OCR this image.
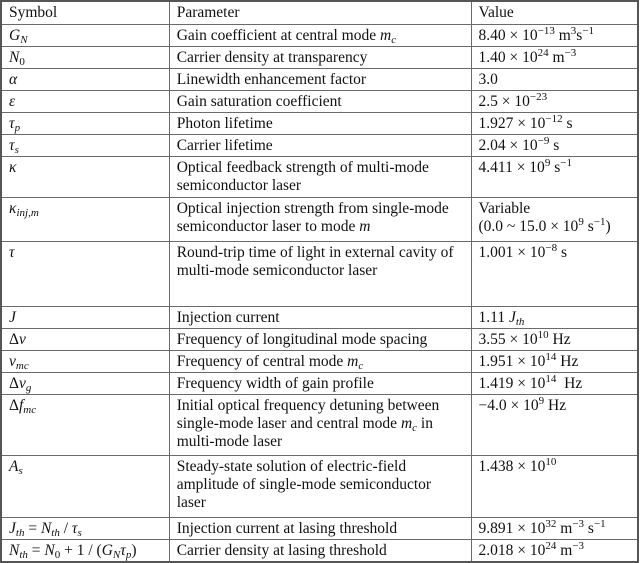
Symbol	Parameter	Value
$G_N$	Gain coefficient at central mode $m_c$	$8.40 \times 10^{-13}$ $m^3s^{-1}$
$N_0$	Carrier density at transparency	$1.40 \times 10^{24}$ $m^{-3}$
α	Linewidth enhancement factor	3.0
ε	Gain saturation coefficient	$2.5 \times 10^{-23}$
$\tau_p$	Photon lifetime	$1.927 \times 10^{-12}$ s
$\tau_s$	Carrier lifetime	$2.04 \times 10^{-9}$ s
κ	Optical feedback strength of multi-mode semiconductor laser	$4.411 \times 10^9$ $s^{-1}$
$\kappa_{inj,m}$	Optical injection strength from single-mode semiconductor laser to mode m	Variable
(0.0 ~ $15.0 \times 10^9$ $s^{-1}$)

τ	Round-trip time of light in external cavity of multi-mode semiconductor laser	$1.001 \times 10^{-8}$ s
J	Injection current	1.11 $J_{th}$
Δν	Frequency of longitudinal mode spacing	$3.55 \times 10^{10}$ Hz
$\nu_{mc}$	Frequency of central mode $m_c$	$1.951 \times 10^{14}$ Hz
$\Delta\nu_g$	Frequency width of gain profile	$1.419 \times 10^{14}$  Hz
$\Delta f_{mc}$	Initial optical frequency detuning between single-mode laser and central mode $m_c$ in multi-mode laser	$-4.0 \times 10^9$ Hz
$A_s$	Steady-state solution of electric-field amplitude of single-mode semiconductor laser	$1.438 \times 10^{10}$
$J_{th} = N_{th} / \tau_s$	Injection current at lasing threshold	$9.891 \times 10^{32}$ $m^{-3}$ $s^{-1}$
$N_{th} = N_0 + 1 / (G_N\tau_p)$	Carrier density at lasing threshold	$2.018 \times 10^{24}$ $m^{-3}$
